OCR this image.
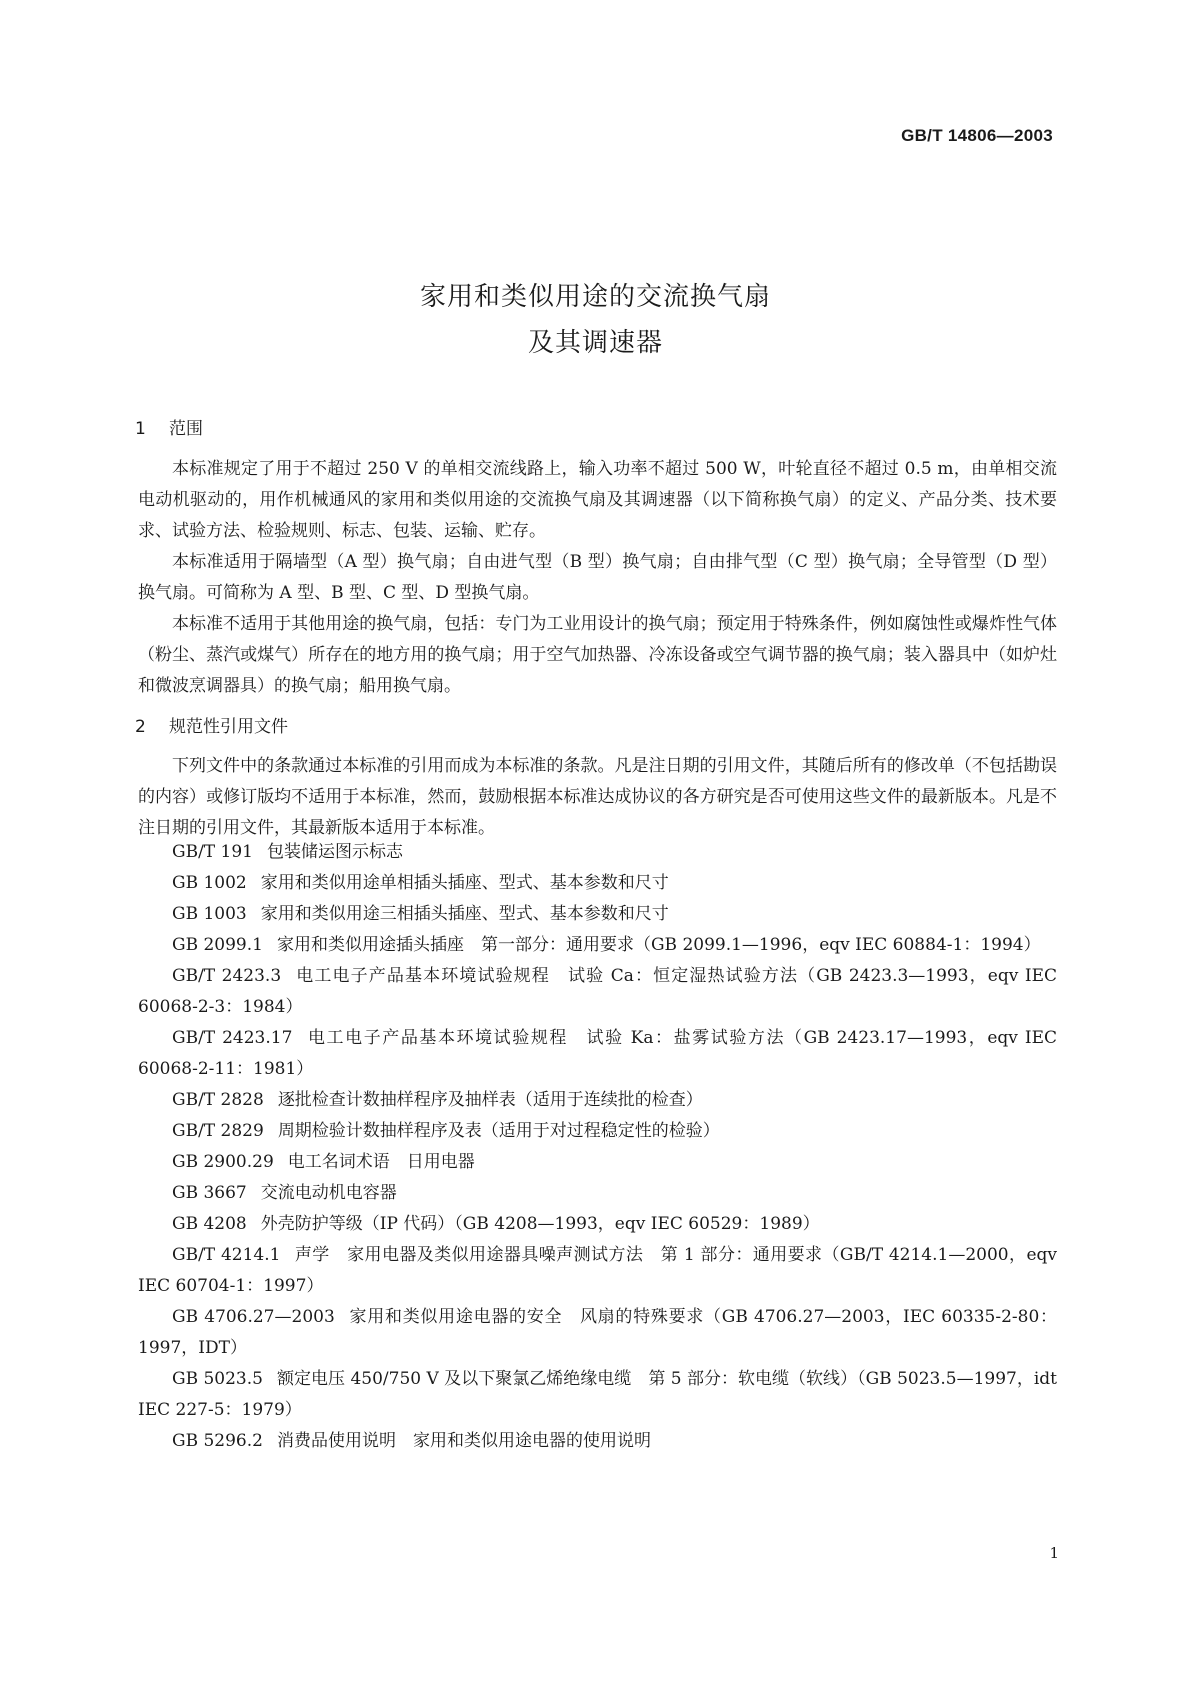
GB/T 14806—2003
家用和类似用途的交流换气扇
及其调速器
1 范围

本标准规定了用于不超过 250 V 的单相交流线路上，输入功率不超过 500 W，叶轮直径不超过 0.5 m，由单相交流电动机驱动的，用作机械通风的家用和类似用途的交流换气扇及其调速器（以下简称换气扇）的定义、产品分类、技术要求、试验方法、检验规则、标志、包装、运输、贮存。

本标准适用于隔墙型（A 型）换气扇；自由进气型（B 型）换气扇；自由排气型（C 型）换气扇；全导管型（D 型）换气扇。可简称为 A 型、B 型、C 型、D 型换气扇。

本标准不适用于其他用途的换气扇，包括：专门为工业用设计的换气扇；预定用于特殊条件，例如腐蚀性或爆炸性气体（粉尘、蒸汽或煤气）所存在的地方用的换气扇；用于空气加热器、冷冻设备或空气调节器的换气扇；装入器具中（如炉灶和微波烹调器具）的换气扇；船用换气扇。

2 规范性引用文件

下列文件中的条款通过本标准的引用而成为本标准的条款。凡是注日期的引用文件，其随后所有的修改单（不包括勘误的内容）或修订版均不适用于本标准，然而，鼓励根据本标准达成协议的各方研究是否可使用这些文件的最新版本。凡是不注日期的引用文件，其最新版本适用于本标准。

GB/T 191 包装储运图示标志
GB 1002 家用和类似用途单相插头插座、型式、基本参数和尺寸
GB 1003 家用和类似用途三相插头插座、型式、基本参数和尺寸
GB 2099.1 家用和类似用途插头插座　第一部分：通用要求（GB 2099.1—1996，eqv IEC 60884-1：1994）
GB/T 2423.3 电工电子产品基本环境试验规程　试验 Ca：恒定湿热试验方法（GB 2423.3—1993，eqv IEC 60068-2-3：1984）
GB/T 2423.17 电工电子产品基本环境试验规程　试验 Ka：盐雾试验方法（GB 2423.17—1993，eqv IEC 60068-2-11：1981）
GB/T 2828 逐批检查计数抽样程序及抽样表（适用于连续批的检查）
GB/T 2829 周期检验计数抽样程序及表（适用于对过程稳定性的检验）
GB 2900.29 电工名词术语　日用电器
GB 3667 交流电动机电容器
GB 4208 外壳防护等级（IP 代码）（GB 4208—1993，eqv IEC 60529：1989）
GB/T 4214.1 声学　家用电器及类似用途器具噪声测试方法　第 1 部分：通用要求（GB/T 4214.1—2000，eqv IEC 60704-1：1997）
GB 4706.27—2003 家用和类似用途电器的安全　风扇的特殊要求（GB 4706.27—2003，IEC 60335-2-80：1997，IDT）
GB 5023.5 额定电压 450/750 V 及以下聚氯乙烯绝缘电缆　第 5 部分：软电缆（软线）（GB 5023.5—1997，idt IEC 227-5：1979）
GB 5296.2 消费品使用说明　家用和类似用途电器的使用说明
1
